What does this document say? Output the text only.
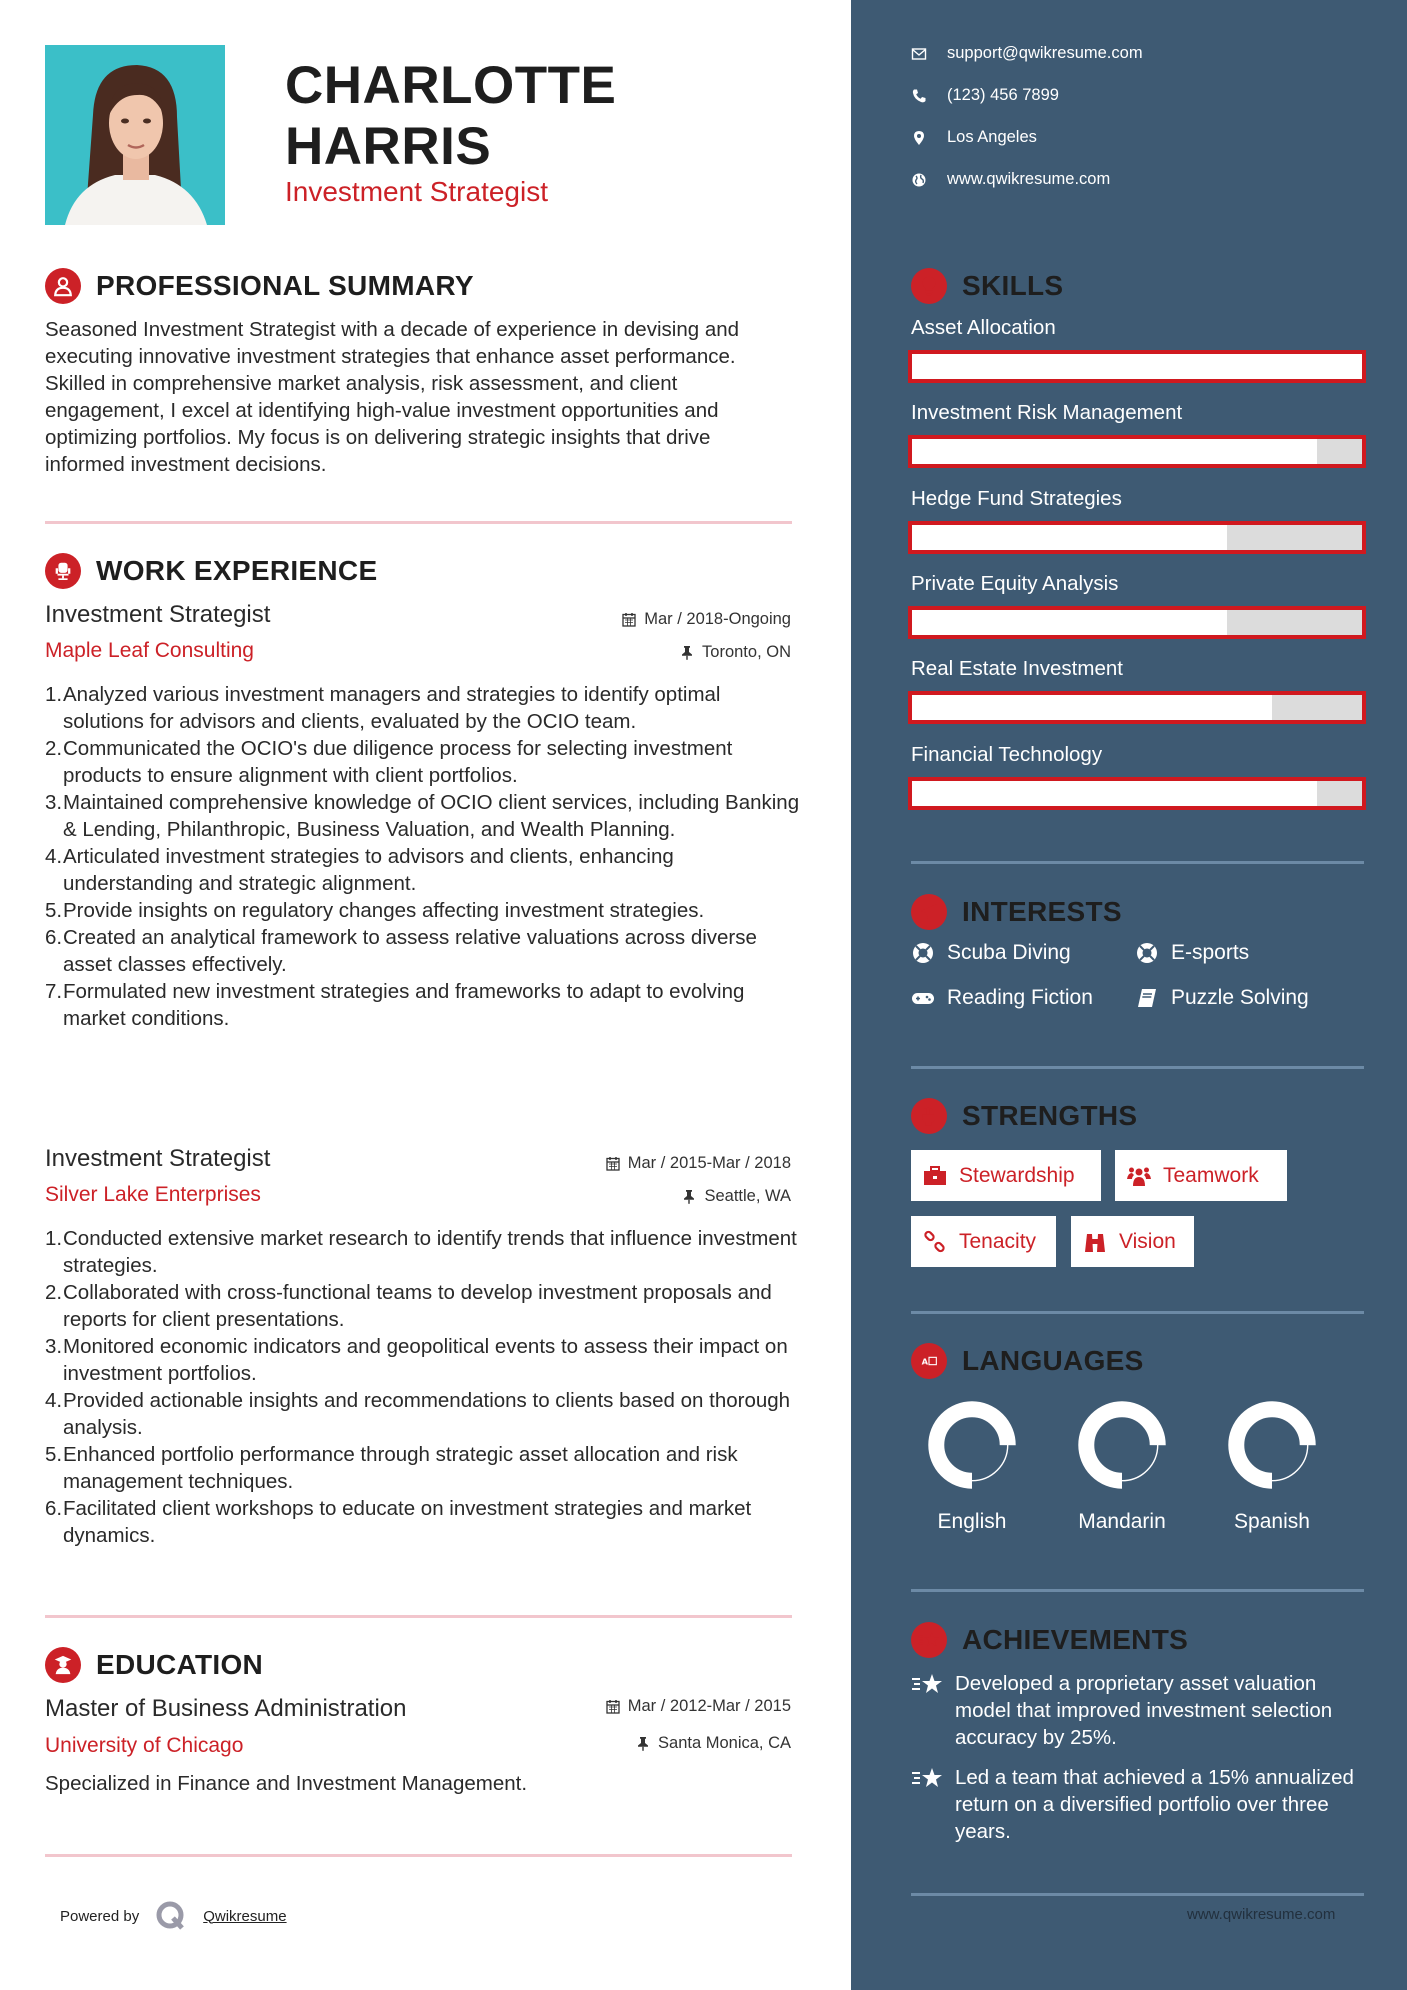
CHARLOTTE
HARRIS
Investment Strategist
PROFESSIONAL SUMMARY

Seasoned Investment Strategist with a decade of experience in devising and executing innovative investment strategies that enhance asset performance. Skilled in comprehensive market analysis, risk assessment, and client engagement, I excel at identifying high-value investment opportunities and optimizing portfolios. My focus is on delivering strategic insights that drive informed investment decisions.

WORK EXPERIENCE
Investment Strategist	Mar / 2018-Ongoing
Maple Leaf Consulting	Toronto, ON
1. Analyzed various investment managers and strategies to identify optimal solutions for advisors and clients, evaluated by the OCIO team.
2. Communicated the OCIO's due diligence process for selecting investment products to ensure alignment with client portfolios.
3. Maintained comprehensive knowledge of OCIO client services, including Banking & Lending, Philanthropic, Business Valuation, and Wealth Planning.
4. Articulated investment strategies to advisors and clients, enhancing understanding and strategic alignment.
5. Provide insights on regulatory changes affecting investment strategies.
6. Created an analytical framework to assess relative valuations across diverse asset classes effectively.
7. Formulated new investment strategies and frameworks to adapt to evolving market conditions.
Investment Strategist	Mar / 2015-Mar / 2018
Silver Lake Enterprises	Seattle, WA
1. Conducted extensive market research to identify trends that influence investment strategies.
2. Collaborated with cross-functional teams to develop investment proposals and reports for client presentations.
3. Monitored economic indicators and geopolitical events to assess their impact on investment portfolios.
4. Provided actionable insights and recommendations to clients based on thorough analysis.
5. Enhanced portfolio performance through strategic asset allocation and risk management techniques.
6. Facilitated client workshops to educate on investment strategies and market dynamics.
EDUCATION
Master of Business Administration	Mar / 2012-Mar / 2015
University of Chicago	Santa Monica, CA

Specialized in Finance and Investment Management.

Powered by	Qwikresume
support@qwikresume.com
(123) 456 7899
Los Angeles
www.qwikresume.com
SKILLS
Asset Allocation
Investment Risk Management
Hedge Fund Strategies
Private Equity Analysis
Real Estate Investment
Financial Technology
INTERESTS
Scuba Diving	E-sports
Reading Fiction	Puzzle Solving
STRENGTHS
Stewardship	Teamwork
Tenacity	Vision
A LANGUAGES
English	Mandarin	Spanish
ACHIEVEMENTS
Developed a proprietary asset valuation model that improved investment selection accuracy by 25%.
Led a team that achieved a 15% annualized return on a diversified portfolio over three years.
www.qwikresume.com
